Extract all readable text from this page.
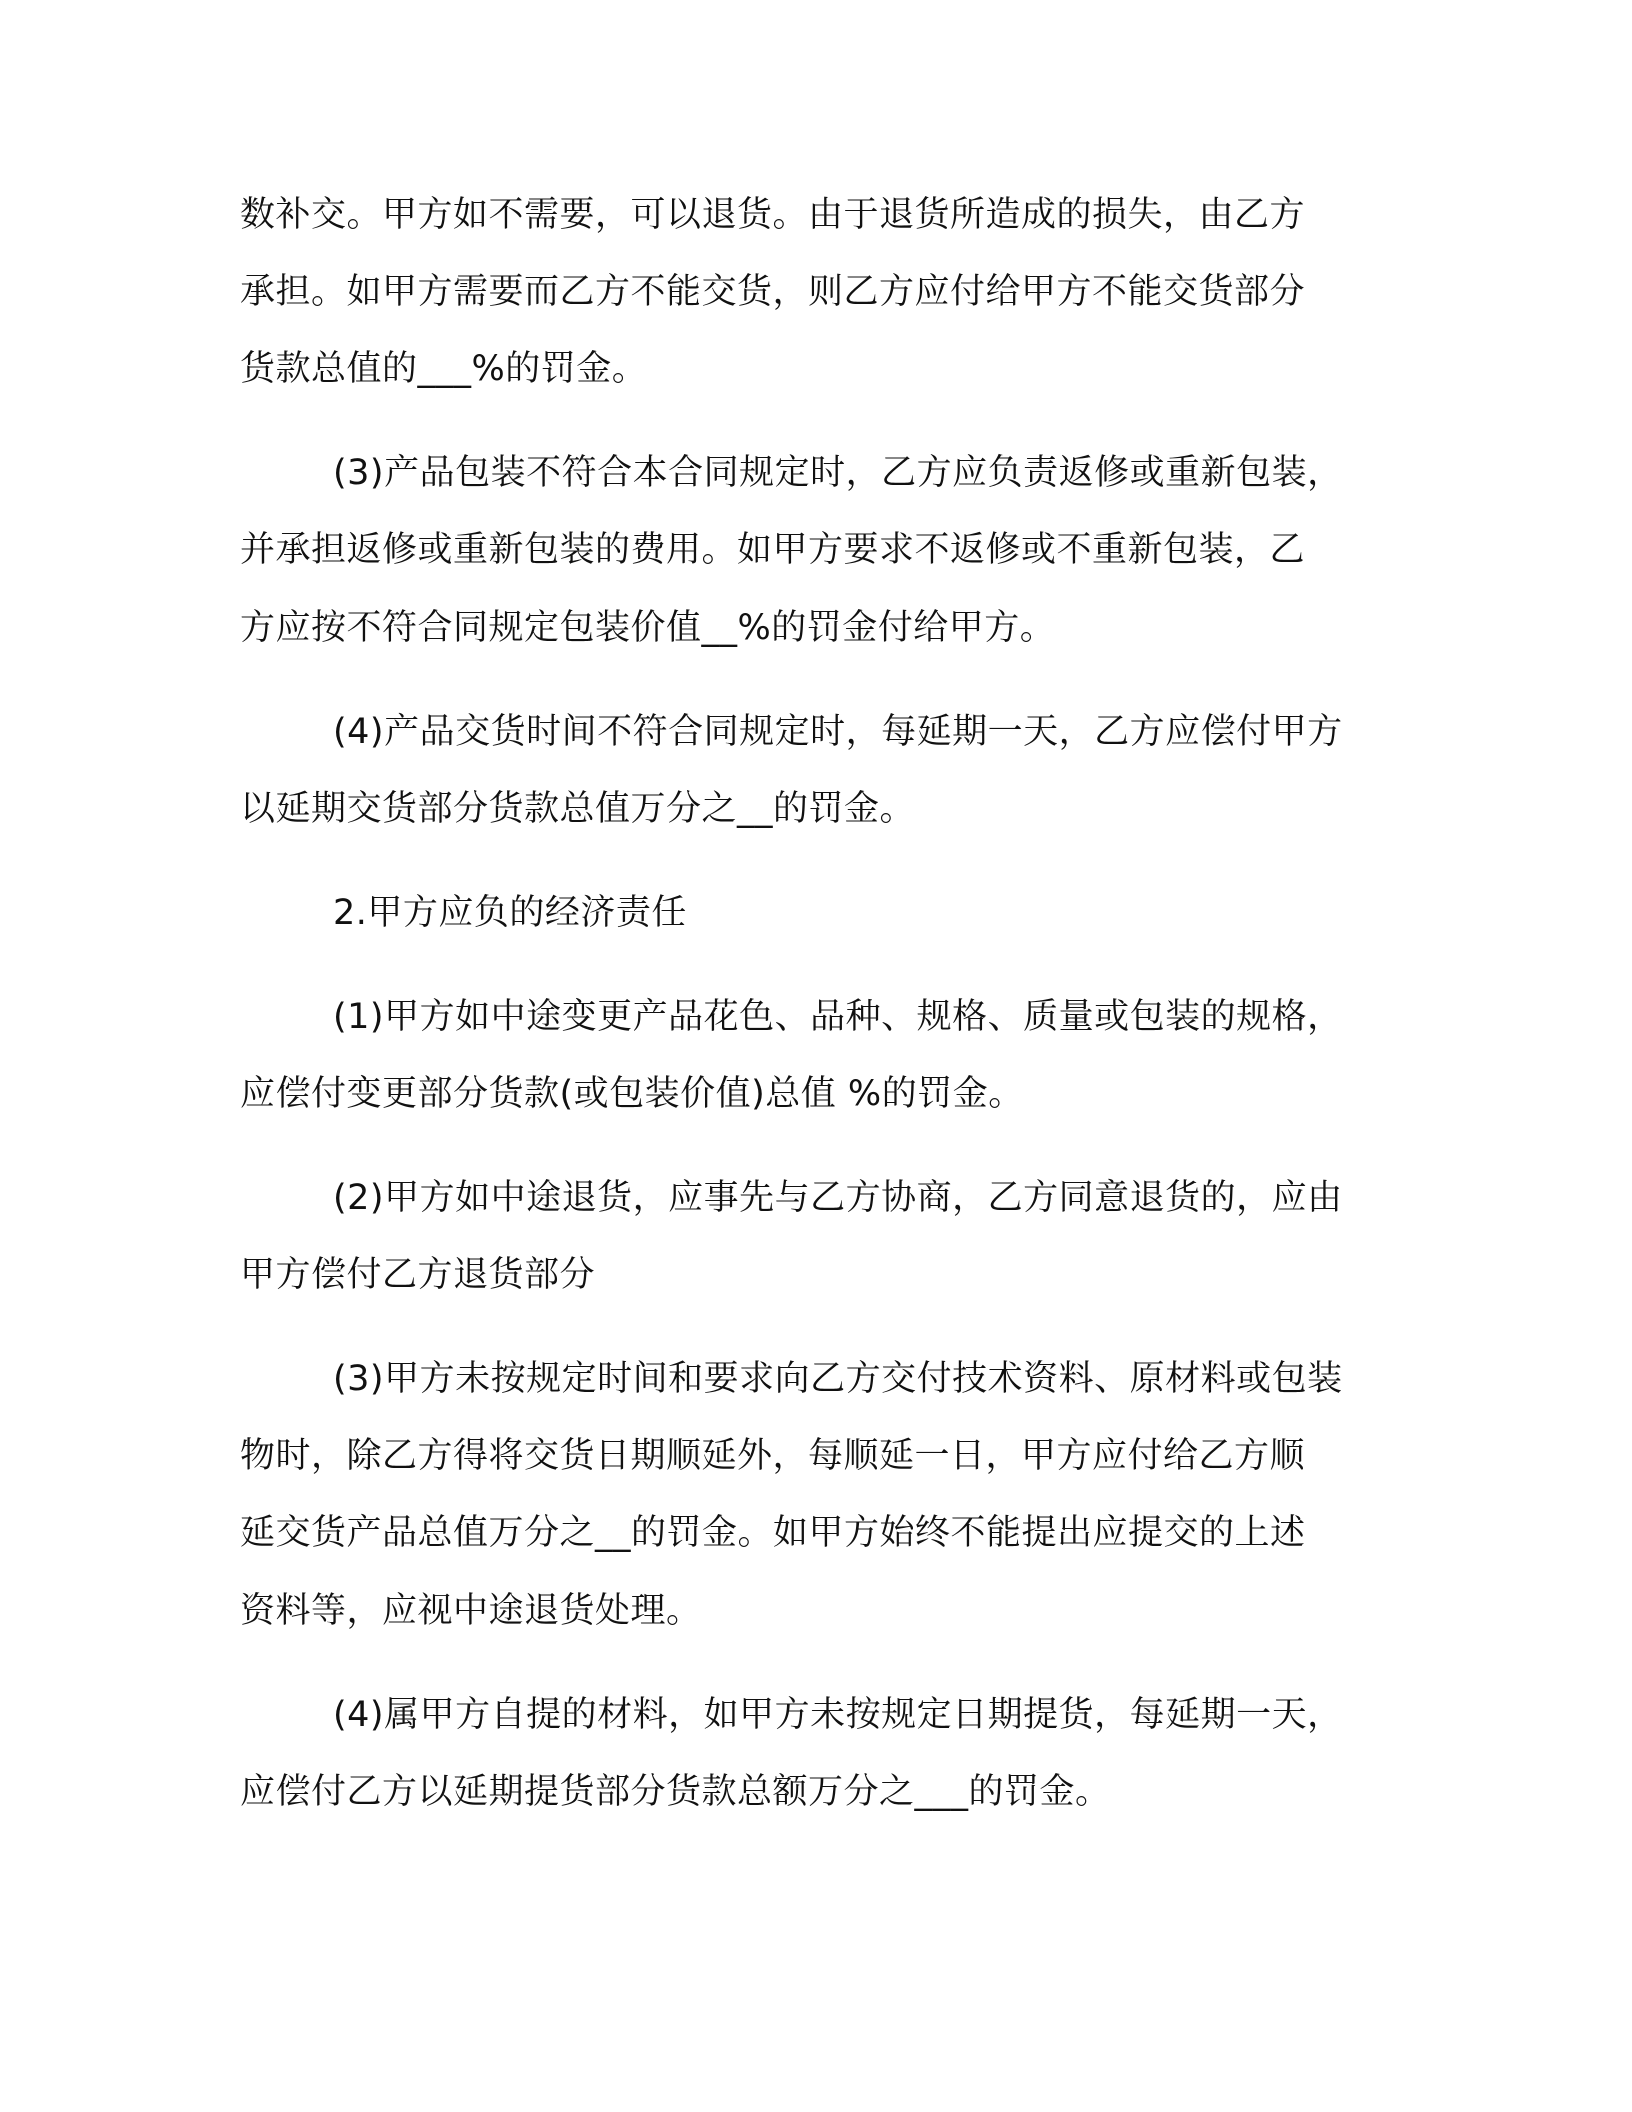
数补交。甲方如不需要，可以退货。由于退货所造成的损失，由乙方
承担。如甲方需要而乙方不能交货，则乙方应付给甲方不能交货部分
货款总值的___%的罚金。
(3)产品包装不符合本合同规定时，乙方应负责返修或重新包装，
并承担返修或重新包装的费用。如甲方要求不返修或不重新包装，乙
方应按不符合同规定包装价值__%的罚金付给甲方。
(4)产品交货时间不符合同规定时，每延期一天，乙方应偿付甲方
以延期交货部分货款总值万分之__的罚金。
2.甲方应负的经济责任
(1)甲方如中途变更产品花色、品种、规格、质量或包装的规格，
应偿付变更部分货款(或包装价值)总值 %的罚金。
(2)甲方如中途退货，应事先与乙方协商，乙方同意退货的，应由
甲方偿付乙方退货部分
(3)甲方未按规定时间和要求向乙方交付技术资料、原材料或包装
物时，除乙方得将交货日期顺延外，每顺延一日，甲方应付给乙方顺
延交货产品总值万分之__的罚金。如甲方始终不能提出应提交的上述
资料等，应视中途退货处理。
(4)属甲方自提的材料，如甲方未按规定日期提货，每延期一天，
应偿付乙方以延期提货部分货款总额万分之___的罚金。
